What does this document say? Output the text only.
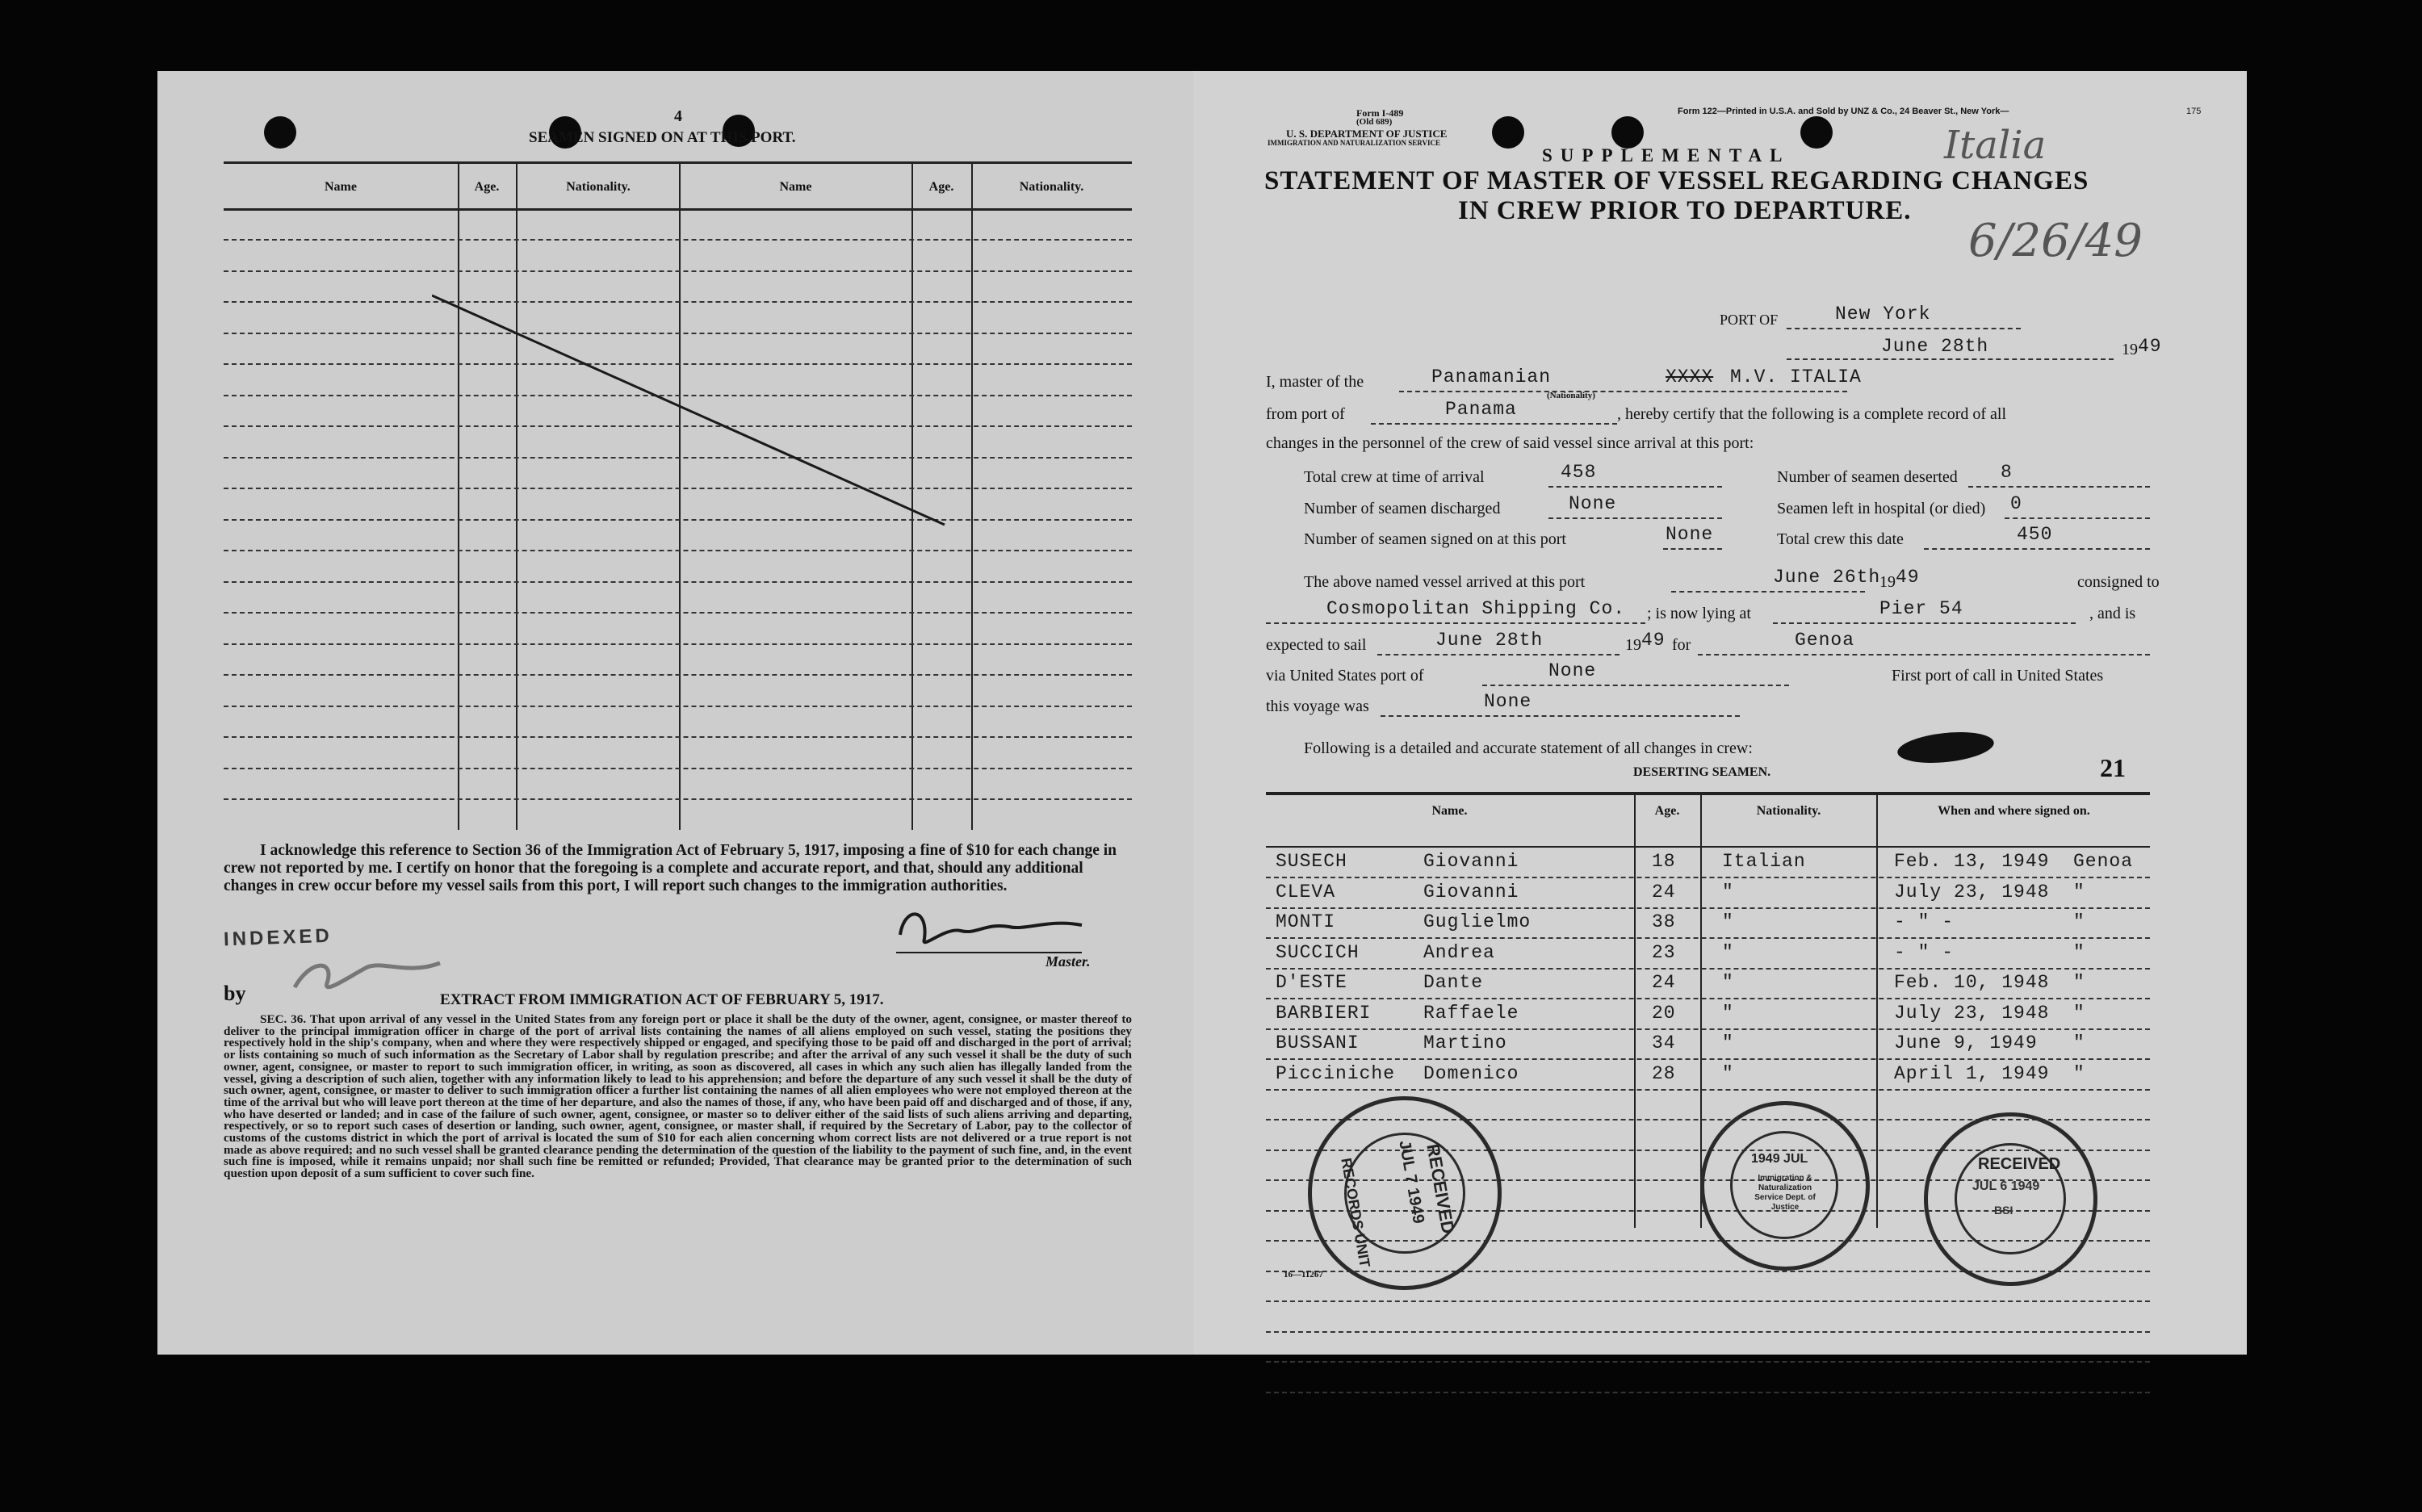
4
SEAMEN SIGNED ON AT THIS PORT.
Name	Age.	Nationality.	Name	Age.	Nationality.
I acknowledge this reference to Section 36 of the Immigration Act of February 5, 1917, imposing a fine of $10 for each change in crew not reported by me. I certify on honor that the foregoing is a complete and accurate report, and that, should any additional changes in crew occur before my vessel sails from this port, I will report such changes to the immigration authorities.
INDEXED
by
Master.
EXTRACT FROM IMMIGRATION ACT OF FEBRUARY 5, 1917.
SEC. 36. That upon arrival of any vessel in the United States from any foreign port or place it shall be the duty of the owner, agent, consignee, or master thereof to deliver to the principal immigration officer in charge of the port of arrival lists containing the names of all aliens employed on such vessel, stating the positions they respectively hold in the ship's company, when and where they were respectively shipped or engaged, and specifying those to be paid off and discharged in the port of arrival; or lists containing so much of such information as the Secretary of Labor shall by regulation prescribe; and after the arrival of any such vessel it shall be the duty of such owner, agent, consignee, or master to report to such immigration officer, in writing, as soon as discovered, all cases in which any such alien has illegally landed from the vessel, giving a description of such alien, together with any information likely to lead to his apprehension; and before the departure of any such vessel it shall be the duty of such owner, agent, consignee, or master to deliver to such immigration officer a further list containing the names of all alien employees who were not employed thereon at the time of the arrival but who will leave port thereon at the time of her departure, and also the names of those, if any, who have been paid off and discharged and of those, if any, who have deserted or landed; and in case of the failure of such owner, agent, consignee, or master so to deliver either of the said lists of such aliens arriving and departing, respectively, or so to report such cases of desertion or landing, such owner, agent, consignee, or master shall, if required by the Secretary of Labor, pay to the collector of customs of the customs district in which the port of arrival is located the sum of $10 for each alien concerning whom correct lists are not delivered or a true report is not made as above required; and no such vessel shall be granted clearance pending the determination of the question of the liability to the payment of such fine, and, in the event such fine is imposed, while it remains unpaid; nor shall such fine be remitted or refunded; Provided, That clearance may be granted prior to the determination of such question upon deposit of a sum sufficient to cover such fine.
Form I-489
(Old 689)
U. S. DEPARTMENT OF JUSTICE
IMMIGRATION AND NATURALIZATION SERVICE
Form 122—Printed in U.S.A. and Sold by UNZ & Co., 24 Beaver St., New York—	175
SUPPLEMENTAL
STATEMENT OF MASTER OF VESSEL REGARDING CHANGES
IN CREW PRIOR TO DEPARTURE.
Italia
6/26/49
PORT OF	New York
June 28th	19 49
I, master of the	Panamanian
(Nationality)
XXXX M.V. ITALIA
from port of	Panama	, hereby certify that the following is a complete record of all
changes in the personnel of the crew of said vessel since arrival at this port:
Total crew at time of arrival	458	Number of seamen deserted 8
Number of seamen discharged	None	Seamen left in hospital (or died) 0
Number of seamen signed on at this port	None	Total crew this date	450
The above named vessel arrived at this port	June 26th
19 49	consigned to
Cosmopolitan Shipping Co. ; is now lying at	Pier 54	, and is
expected to sail	June 28th	19 49 for	Genoa
via United States port of	None	First port of call in United States
this voyage was	None
Following is a detailed and accurate statement of all changes in crew:
DESERTING SEAMEN.	21
Name.	Age.	Nationality.	When and where signed on.
SUSECH	Giovanni	18 Italian	Feb. 13, 1949 Genoa
CLEVA	Giovanni	24 "	July 23, 1948 "
MONTI	Guglielmo	38 "	- " -	"
SUCCICH	Andrea	23 "	- " -	"
D'ESTE	Dante	24 "	Feb. 10, 1948 "
BARBIERI	Raffaele	20 "	July 23, 1948 "
BUSSANI	Martino	34 "	June 9, 1949 "
Picciniche Domenico	28 "	April 1, 1949 "
RECORDS UNIT	RECEIVED
JUL 7 1949	1949 JUL
Immigration & Naturalization Service Dept. of Justice
RECEIVED
JUL 6 1949
BSI
16—11267
